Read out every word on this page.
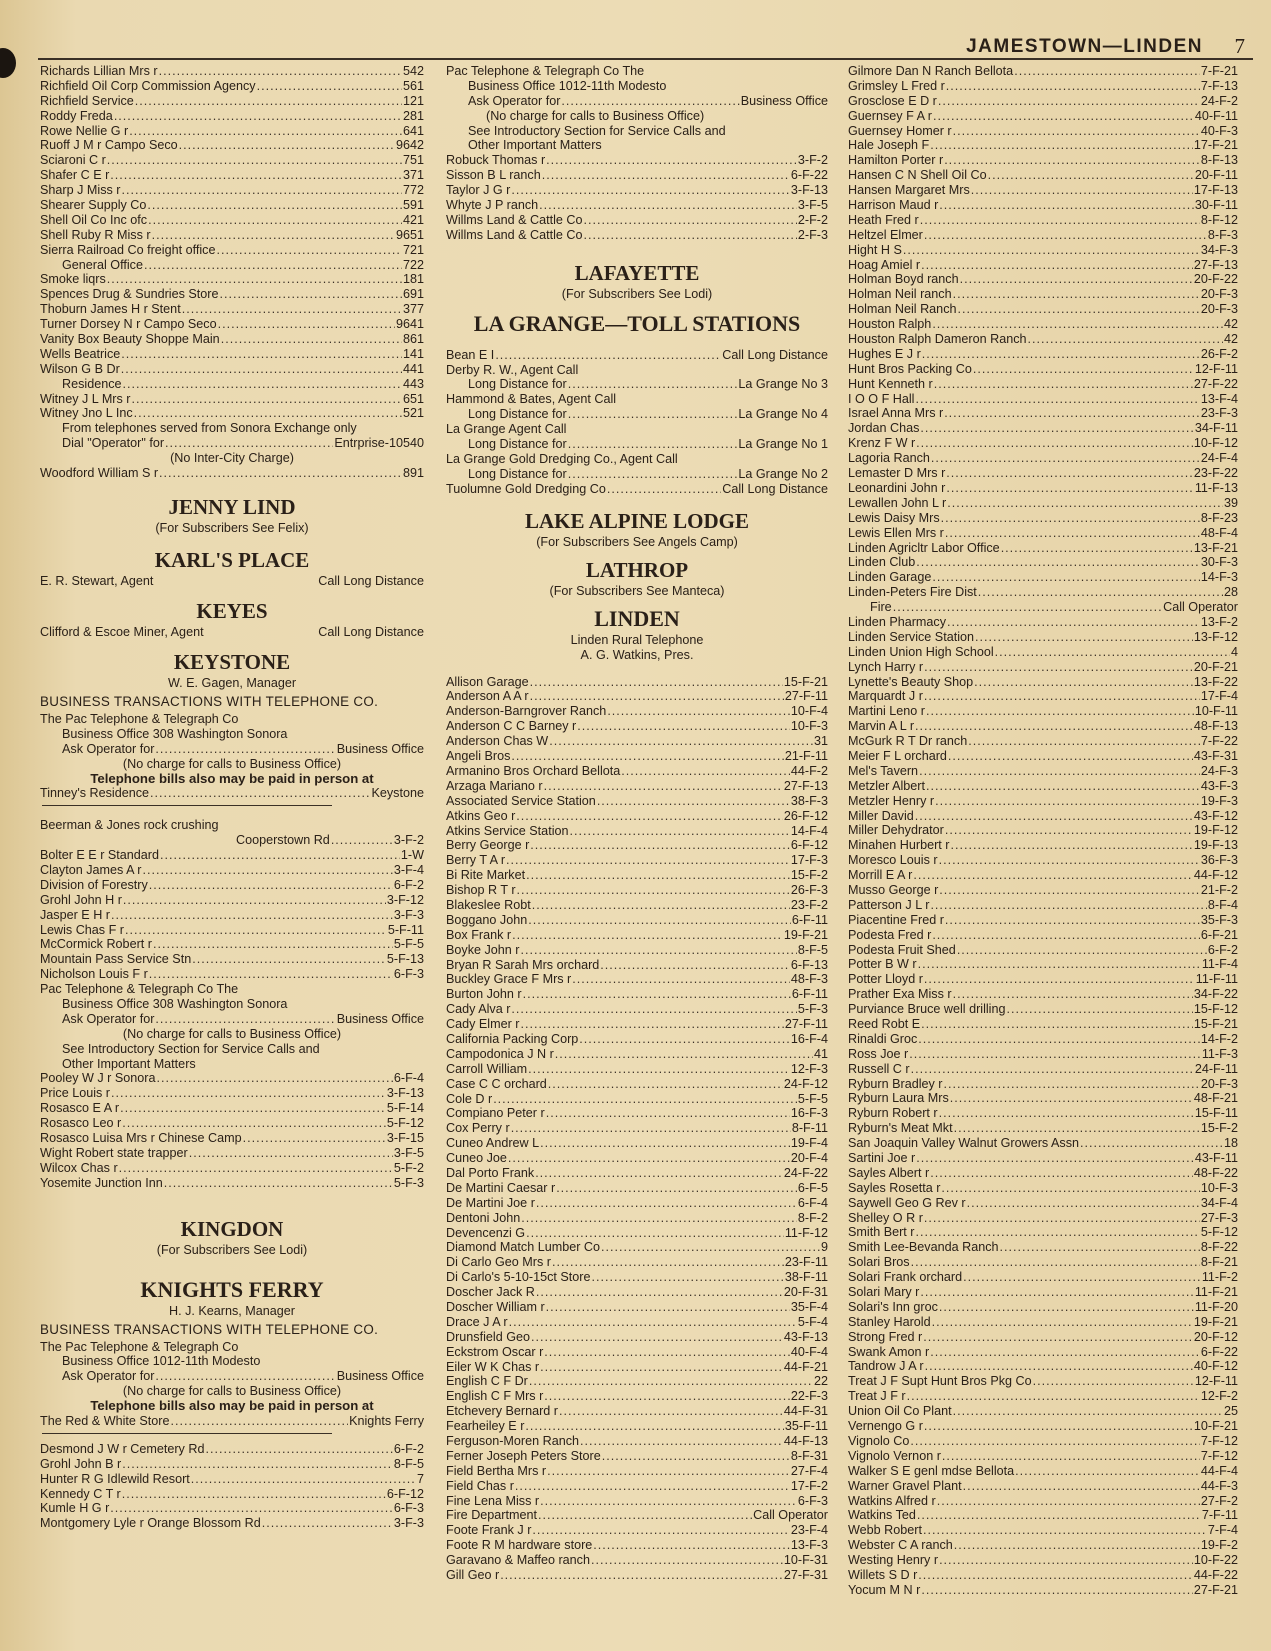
JAMESTOWN—LINDEN 7
Richards Lillian Mrs r .....	542
Richfield Oil Corp Commission Agency .....	561
Richfield Service .....	121
Roddy Freda .....	281
Rowe Nellie G r .....	641
Ruoff J M r Campo Seco .....	9642
Sciaroni C r .....	751
Shafer C E r .....	371
Sharp J Miss r .....	772
Shearer Supply Co .....	591
Shell Oil Co Inc ofc .....	421
Shell Ruby R Miss r .....	9651
Sierra Railroad Co freight office .....	721
General Office .....	722
Smoke liqrs .....	181
Spences Drug & Sundries Store .....	691
Thoburn James H r Stent .....	377
Turner Dorsey N r Campo Seco .....	9641
Vanity Box Beauty Shoppe Main .....	861
Wells Beatrice .....	141
Wilson G B Dr .....	441
Residence .....	443
Witney J L Mrs r .....	651
Witney Jno L Inc .....	521
From telephones served from Sonora Exchange only
Dial "Operator" for .....	Entrprise-10540
(No Inter-City Charge)
Woodford William S r .....	891
JENNY LIND
(For Subscribers See Felix)
KARL'S PLACE
E. R. Stewart, Agent	Call Long Distance
KEYES
Clifford & Escoe Miner, Agent	Call Long Distance
KEYSTONE
W. E. Gagen, Manager
BUSINESS TRANSACTIONS WITH TELEPHONE CO.
The Pac Telephone & Telegraph Co
Business Office 308 Washington Sonora
Ask Operator for .....	Business Office
(No charge for calls to Business Office)
Telephone bills also may be paid in person at
Tinney's Residence .....	Keystone
Beerman & Jones rock crushing
Cooperstown Rd .....	3-F-2
Bolter E E r Standard .....	1-W
Clayton James A r .....	3-F-4
Division of Forestry .....	6-F-2
Grohl John H r .....	3-F-12
Jasper E H r .....	3-F-3
Lewis Chas F r .....	5-F-11
McCormick Robert r .....	5-F-5
Mountain Pass Service Stn .....	5-F-13
Nicholson Louis F r .....	6-F-3
Pac Telephone & Telegraph Co The
Business Office 308 Washington Sonora
Ask Operator for .....	Business Office
(No charge for calls to Business Office)
See Introductory Section for Service Calls and
Other Important Matters
Pooley W J r Sonora .....	6-F-4
Price Louis r .....	3-F-13
Rosasco E A r .....	5-F-14
Rosasco Leo r .....	5-F-12
Rosasco Luisa Mrs r Chinese Camp .....	3-F-15
Wight Robert state trapper .....	3-F-5
Wilcox Chas r .....	5-F-2
Yosemite Junction Inn .....	5-F-3
KINGDON
(For Subscribers See Lodi)
KNIGHTS FERRY
H. J. Kearns, Manager
BUSINESS TRANSACTIONS WITH TELEPHONE CO.
The Pac Telephone & Telegraph Co
Business Office 1012-11th Modesto
Ask Operator for .....	Business Office
(No charge for calls to Business Office)
Telephone bills also may be paid in person at
The Red & White Store .....	Knights Ferry
Desmond J W r Cemetery Rd .....	6-F-2
Grohl John B r .....	8-F-5
Hunter R G Idlewild Resort .....	7
Kennedy C T r .....	6-F-12
Kumle H G r .....	6-F-3
Montgomery Lyle r Orange Blossom Rd .....	3-F-3
Pac Telephone & Telegraph Co The
Business Office 1012-11th Modesto
Ask Operator for .....	Business Office
(No charge for calls to Business Office)
See Introductory Section for Service Calls and
Other Important Matters
Robuck Thomas r .....	3-F-2
Sisson B L ranch .....	6-F-22
Taylor J G r .....	3-F-13
Whyte J P ranch .....	3-F-5
Willms Land & Cattle Co .....	2-F-2
Willms Land & Cattle Co .....	2-F-3
LAFAYETTE
(For Subscribers See Lodi)
LA GRANGE—TOLL STATIONS
Bean E I .....	Call Long Distance
Derby R. W., Agent Call
Long Distance for .....	La Grange No 3
Hammond & Bates, Agent Call
Long Distance for .....	La Grange No 4
La Grange Agent Call
Long Distance for .....	La Grange No 1
La Grange Gold Dredging Co., Agent Call
Long Distance for .....	La Grange No 2
Tuolumne Gold Dredging Co .....	Call Long Distance
LAKE ALPINE LODGE
(For Subscribers See Angels Camp)
LATHROP
(For Subscribers See Manteca)
LINDEN
Linden Rural Telephone
A. G. Watkins, Pres.
Allison Garage .....	15-F-21
Anderson A A r .....	27-F-11
Anderson-Barngrover Ranch .....	10-F-4
Anderson C C Barney r .....	10-F-3
Anderson Chas W .....	31
Angeli Bros .....	21-F-11
Armanino Bros Orchard Bellota .....	44-F-2
Arzaga Mariano r .....	27-F-13
Associated Service Station .....	38-F-3
Atkins Geo r .....	26-F-12
Atkins Service Station .....	14-F-4
Berry George r .....	6-F-12
Berry T A r .....	17-F-3
Bi Rite Market .....	15-F-2
Bishop R T r .....	26-F-3
Blakeslee Robt .....	23-F-2
Boggano John .....	6-F-11
Box Frank r .....	19-F-21
Boyke John r .....	8-F-5
Bryan R Sarah Mrs orchard .....	6-F-13
Buckley Grace F Mrs r .....	48-F-3
Burton John r .....	6-F-11
Cady Alva r .....	5-F-3
Cady Elmer r .....	27-F-11
California Packing Corp .....	16-F-4
Campodonica J N r .....	41
Carroll William .....	12-F-3
Case C C orchard .....	24-F-12
Cole D r .....	5-F-5
Compiano Peter r .....	16-F-3
Cox Perry r .....	8-F-11
Cuneo Andrew L .....	19-F-4
Cuneo Joe .....	20-F-4
Dal Porto Frank .....	24-F-22
De Martini Caesar r .....	6-F-5
De Martini Joe r .....	6-F-4
Dentoni John .....	8-F-2
Devencenzi G .....	11-F-12
Diamond Match Lumber Co .....	9
Di Carlo Geo Mrs r .....	23-F-11
Di Carlo's 5-10-15ct Store .....	38-F-11
Doscher Jack R .....	20-F-31
Doscher William r .....	35-F-4
Drace J A r .....	5-F-4
Drunsfield Geo .....	43-F-13
Eckstrom Oscar r .....	40-F-4
Eiler W K Chas r .....	44-F-21
English C F Dr .....	22
English C F Mrs r .....	22-F-3
Etchevery Bernard r .....	44-F-31
Fearheiley E r .....	35-F-11
Ferguson-Moren Ranch .....	44-F-13
Ferner Joseph Peters Store .....	8-F-31
Field Bertha Mrs r .....	27-F-4
Field Chas r .....	17-F-2
Fine Lena Miss r .....	6-F-3
Fire Department .....	Call Operator
Foote Frank J r .....	23-F-4
Foote R M hardware store .....	13-F-3
Garavano & Maffeo ranch .....	10-F-31
Gill Geo r .....	27-F-31
Gilmore Dan N Ranch Bellota .....	7-F-21
Grimsley L Fred r .....	7-F-13
Grosclose E D r .....	24-F-2
Guernsey F A r .....	40-F-11
Guernsey Homer r .....	40-F-3
Hale Joseph F .....	17-F-21
Hamilton Porter r .....	8-F-13
Hansen C N Shell Oil Co .....	20-F-11
Hansen Margaret Mrs .....	17-F-13
Harrison Maud r .....	30-F-11
Heath Fred r .....	8-F-12
Heltzel Elmer .....	8-F-3
Hight H S .....	34-F-3
Hoag Amiel r .....	27-F-13
Holman Boyd ranch .....	20-F-22
Holman Neil ranch .....	20-F-3
Holman Neil Ranch .....	20-F-3
Houston Ralph .....	42
Houston Ralph Dameron Ranch .....	42
Hughes E J r .....	26-F-2
Hunt Bros Packing Co .....	12-F-11
Hunt Kenneth r .....	27-F-22
I O O F Hall .....	13-F-4
Israel Anna Mrs r .....	23-F-3
Jordan Chas .....	34-F-11
Krenz F W r .....	10-F-12
Lagoria Ranch .....	24-F-4
Lemaster D Mrs r .....	23-F-22
Leonardini John r .....	11-F-13
Lewallen John L r .....	39
Lewis Daisy Mrs .....	8-F-23
Lewis Ellen Mrs r .....	48-F-4
Linden Agricltr Labor Office .....	13-F-21
Linden Club .....	30-F-3
Linden Garage .....	14-F-3
Linden-Peters Fire Dist .....	28
Fire .....	Call Operator
Linden Pharmacy .....	13-F-2
Linden Service Station .....	13-F-12
Linden Union High School .....	4
Lynch Harry r .....	20-F-21
Lynette's Beauty Shop .....	13-F-22
Marquardt J r .....	17-F-4
Martini Leno r .....	10-F-11
Marvin A L r .....	48-F-13
McGurk R T Dr ranch .....	7-F-22
Meier F L orchard .....	43-F-31
Mel's Tavern .....	24-F-3
Metzler Albert .....	43-F-3
Metzler Henry r .....	19-F-3
Miller David .....	43-F-12
Miller Dehydrator .....	19-F-12
Minahen Hurbert r .....	19-F-13
Moresco Louis r .....	36-F-3
Morrill E A r .....	44-F-12
Musso George r .....	21-F-2
Patterson J L r .....	8-F-4
Piacentine Fred r .....	35-F-3
Podesta Fred r .....	6-F-21
Podesta Fruit Shed .....	6-F-2
Potter B W r .....	11-F-4
Potter Lloyd r .....	11-F-11
Prather Exa Miss r .....	34-F-22
Purviance Bruce well drilling .....	15-F-12
Reed Robt E .....	15-F-21
Rinaldi Groc .....	14-F-2
Ross Joe r .....	11-F-3
Russell C r .....	24-F-11
Ryburn Bradley r .....	20-F-3
Ryburn Laura Mrs .....	48-F-21
Ryburn Robert r .....	15-F-11
Ryburn's Meat Mkt .....	15-F-2
San Joaquin Valley Walnut Growers Assn .....	18
Sartini Joe r .....	43-F-11
Sayles Albert r .....	48-F-22
Sayles Rosetta r .....	10-F-3
Saywell Geo G Rev r .....	34-F-4
Shelley O R r .....	27-F-3
Smith Bert r .....	5-F-12
Smith Lee-Bevanda Ranch .....	8-F-22
Solari Bros .....	8-F-21
Solari Frank orchard .....	11-F-2
Solari Mary r .....	11-F-21
Solari's Inn groc .....	11-F-20
Stanley Harold .....	19-F-21
Strong Fred r .....	20-F-12
Swank Amon r .....	6-F-22
Tandrow J A r .....	40-F-12
Treat J F Supt Hunt Bros Pkg Co .....	12-F-11
Treat J F r .....	12-F-2
Union Oil Co Plant .....	25
Vernengo G r .....	10-F-21
Vignolo Co .....	7-F-12
Vignolo Vernon r .....	7-F-12
Walker S E genl mdse Bellota .....	44-F-4
Warner Gravel Plant .....	44-F-3
Watkins Alfred r .....	27-F-2
Watkins Ted .....	7-F-11
Webb Robert .....	7-F-4
Webster C A ranch .....	19-F-2
Westing Henry r .....	10-F-22
Willets S D r .....	44-F-22
Yocum M N r .....	27-F-21
